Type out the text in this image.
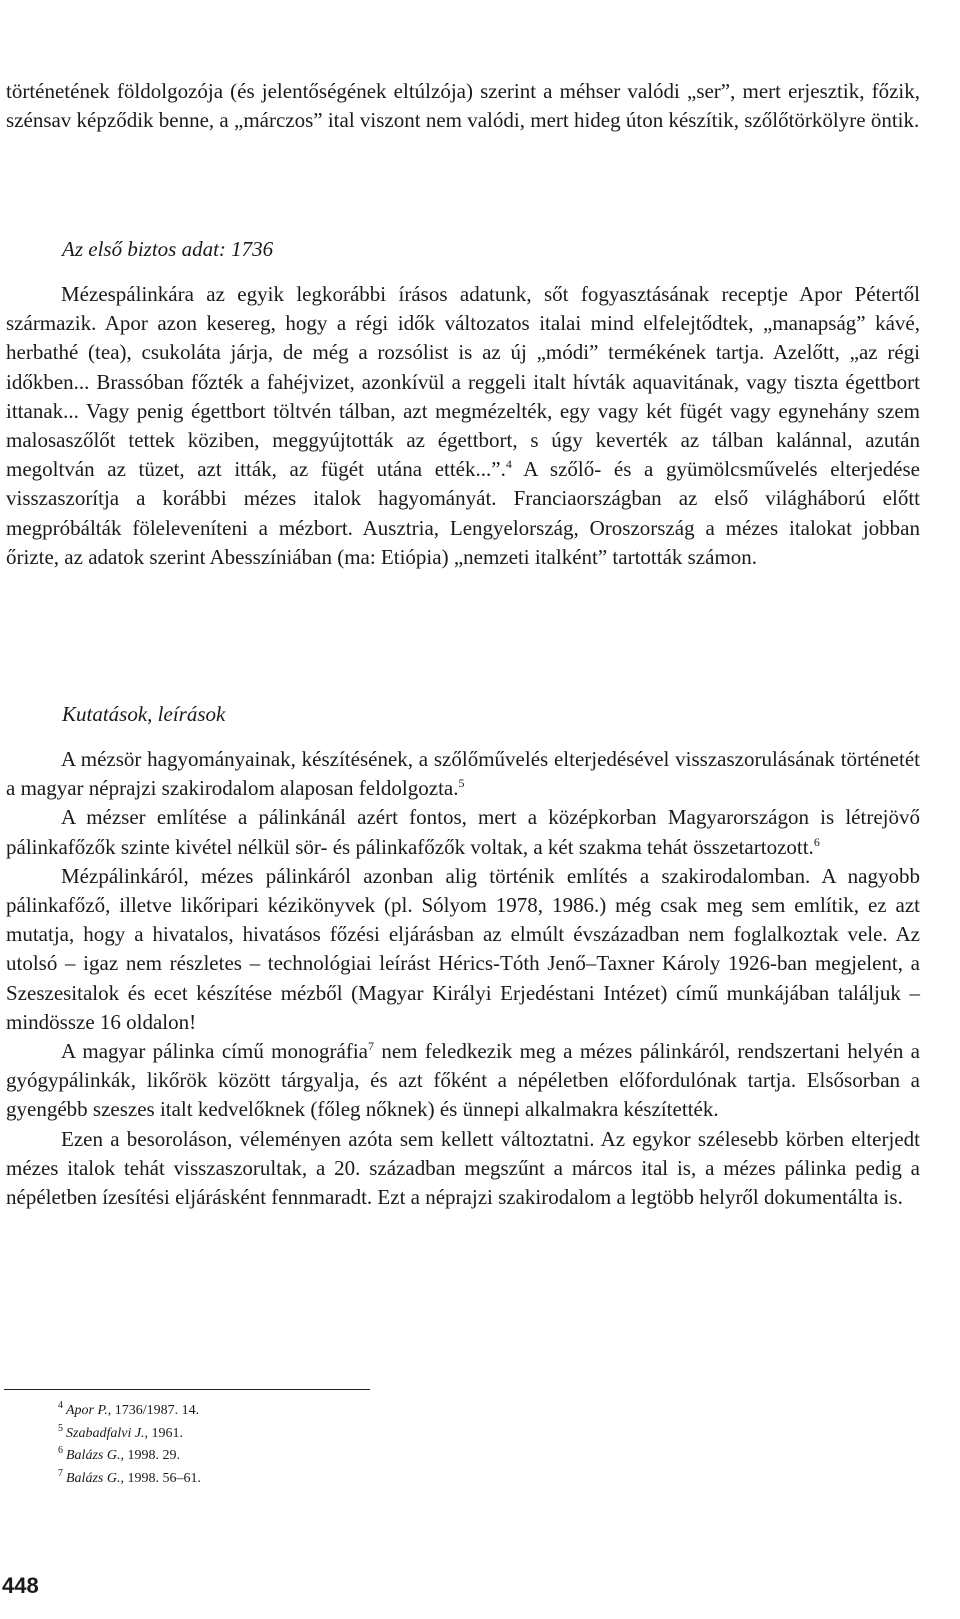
történetének földolgozója (és jelentőségének eltúlzója) szerint a méhser valódi „ser”, mert erjesztik, főzik, szénsav képződik benne, a „márczos” ital viszont nem valódi, mert hideg úton készítik, szőlőtörkölyre öntik.

Az első biztos adat: 1736

Mézespálinkára az egyik legkorábbi írásos adatunk, sőt fogyasztásának receptje Apor Pétertől származik. Apor azon kesereg, hogy a régi idők változatos italai mind elfelejtődtek, „manapság” kávé, herbathé (tea), csukoláta járja, de még a rozsólist is az új „módi” termékének tartja. Azelőtt, „az régi időkben... Brassóban főzték a fahéjvizet, azonkívül a reggeli italt hívták aquavitának, vagy tiszta égettbort ittanak... Vagy penig égettbort töltvén tálban, azt megmézelték, egy vagy két fügét vagy egynehány szem malosaszőlőt tettek köziben, meggyújtották az égettbort, s úgy keverték az tálban kalánnal, azután megoltván az tüzet, azt itták, az fügét utána ették...”.$^4$ A szőlő- és a gyümölcsművelés elterjedése visszaszorítja a korábbi mézes italok hagyományát. Franciaországban az első világháború előtt megpróbálták föleleveníteni a mézbort. Ausztria, Lengyelország, Oroszország a mézes italokat jobban őrizte, az adatok szerint Abesszíniában (ma: Etiópia) „nemzeti italként” tartották számon.

Kutatások, leírások

A mézsör hagyományainak, készítésének, a szőlőművelés elterjedésével visszaszorulásának történetét a magyar néprajzi szakirodalom alaposan feldolgozta.$^5$

A mézser említése a pálinkánál azért fontos, mert a középkorban Magyarországon is létrejövő pálinkafőzők szinte kivétel nélkül sör- és pálinkafőzők voltak, a két szakma tehát összetartozott.$^6$

Mézpálinkáról, mézes pálinkáról azonban alig történik említés a szakirodalomban. A nagyobb pálinkafőző, illetve likőripari kézikönyvek (pl. Sólyom 1978, 1986.) még csak meg sem említik, ez azt mutatja, hogy a hivatalos, hivatásos főzési eljárásban az elmúlt évszázadban nem foglalkoztak vele. Az utolsó – igaz nem részletes – technológiai leírást Hérics-Tóth Jenő–Taxner Károly 1926-ban megjelent, a Szeszesitalok és ecet készítése mézből (Magyar Királyi Erjedéstani Intézet) című munkájában találjuk – mindössze 16 oldalon!

A magyar pálinka című monográfia$^7$ nem feledkezik meg a mézes pálinkáról, rendszertani helyén a gyógypálinkák, likőrök között tárgyalja, és azt főként a népéletben előfordulónak tartja. Elsősorban a gyengébb szeszes italt kedvelőknek (főleg nőknek) és ünnepi alkalmakra készítették.

Ezen a besoroláson, véleményen azóta sem kellett változtatni. Az egykor szélesebb körben elterjedt mézes italok tehát visszaszorultak, a 20. században megszűnt a márcos ital is, a mézes pálinka pedig a népéletben ízesítési eljárásként fennmaradt. Ezt a néprajzi szakirodalom a legtöbb helyről dokumentálta is.

$^4$ Apor P., 1736/1987. 14.
$^5$ Szabadfalvi J., 1961.
$^6$ Balázs G., 1998. 29.
$^7$ Balázs G., 1998. 56–61.
448
